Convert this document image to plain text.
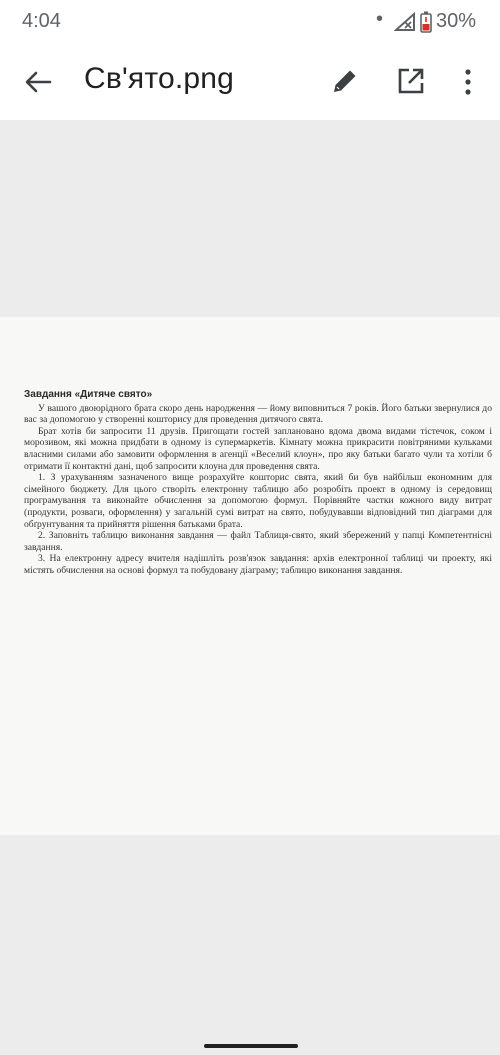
4:04	•	30%
Св'ято.png
Завдання «Дитяче свято»

У вашого двоюрідного брата скоро день народження — йому виповниться 7 років. Його батьки звернулися до вас за допомогою у створенні кошторису для проведення дитячого свята.

Брат хотів би запросити 11 друзів. Пригощати гостей заплановано вдома двома видами тістечок, соком і морозивом, які можна придбати в одному із супермаркетів. Кімнату можна прикрасити повітряними кульками власними силами або замовити оформлення в агенції «Веселий клоун», про яку батьки багато чули та хотіли б отримати її контактні дані, щоб запросити клоуна для проведення свята.

1. З урахуванням зазначеного вище розрахуйте кошторис свята, який би був найбільш економним для сімейного бюджету. Для цього створіть електронну таблицю або розробіть проект в одному із середовищ програмування та виконайте обчислення за допомогою формул. Порівняйте частки кожного виду витрат (продукти, розваги, оформлення) у загальній сумі витрат на свято, побудувавши відповідний тип діаграми для обґрунтування та прийняття рішення батьками брата.

2. Заповніть таблицю виконання завдання — файл Таблиця-свято, який збережений у папці Компетентнісні завдання.

3. На електронну адресу вчителя надішліть розв'язок завдання: архів електронної таблиці чи проекту, які містять обчислення на основі формул та побудовану діаграму; таблицю виконання завдання.
